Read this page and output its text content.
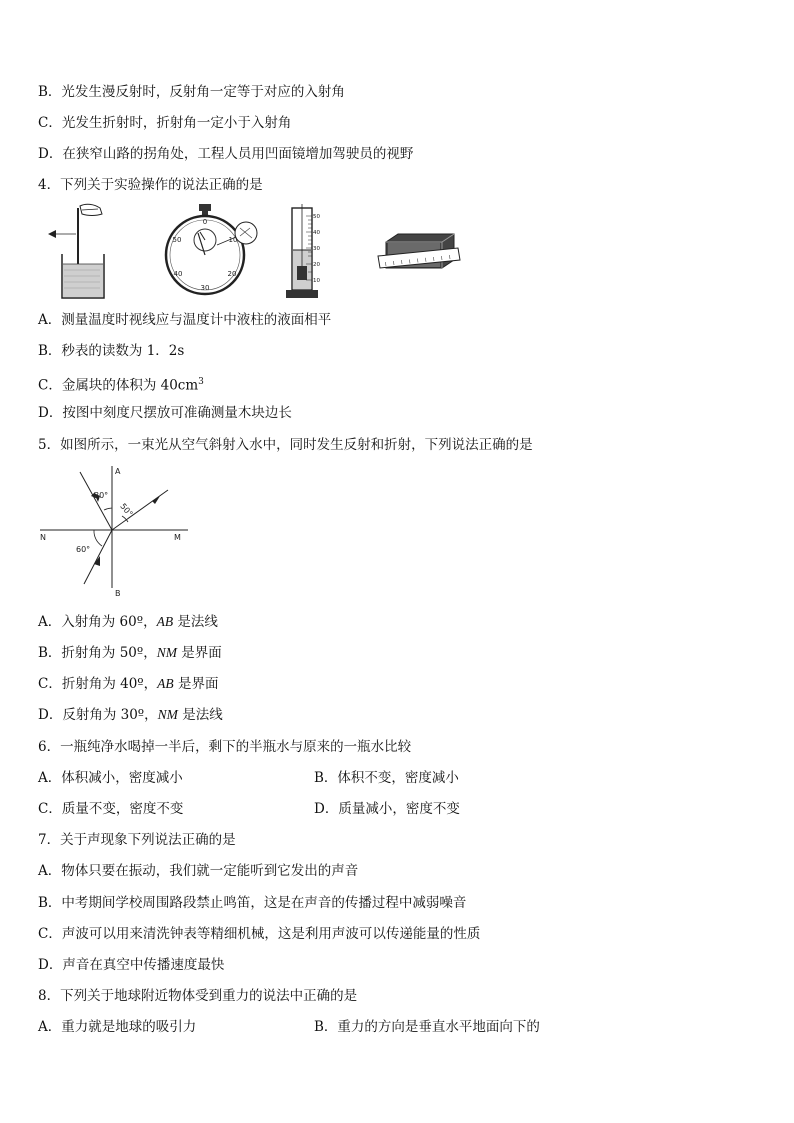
B．光发生漫反射时，反射角一定等于对应的入射角
C．光发生折射时，折射角一定小于入射角
D．在狭窄山路的拐角处，工程人员用凹面镜增加驾驶员的视野
4．下列关于实验操作的说法正确的是
0
10
20
30
40
50
50
40
30
20
10
A．测量温度时视线应与温度计中液柱的液面相平
B．秒表的读数为 1．2s
C．金属块的体积为 $40cm^3$
D．按图中刻度尺摆放可准确测量木块边长
5．如图所示，一束光从空气斜射入水中，同时发生反射和折射，下列说法正确的是
A
B
N	M
30°
50°
60°
A．入射角为 60º，AB 是法线
B．折射角为 50º，NM 是界面
C．折射角为 40º，AB 是界面
D．反射角为 30º，NM 是法线
6．一瓶纯净水喝掉一半后，剩下的半瓶水与原来的一瓶水比较
A．体积减小，密度减小	B．体积不变，密度减小
C．质量不变，密度不变	D．质量减小，密度不变
7．关于声现象下列说法正确的是
A．物体只要在振动，我们就一定能听到它发出的声音
B．中考期间学校周围路段禁止鸣笛，这是在声音的传播过程中减弱噪音
C．声波可以用来清洗钟表等精细机械，这是利用声波可以传递能量的性质
D．声音在真空中传播速度最快
8．下列关于地球附近物体受到重力的说法中正确的是
A．重力就是地球的吸引力	B．重力的方向是垂直水平地面向下的
